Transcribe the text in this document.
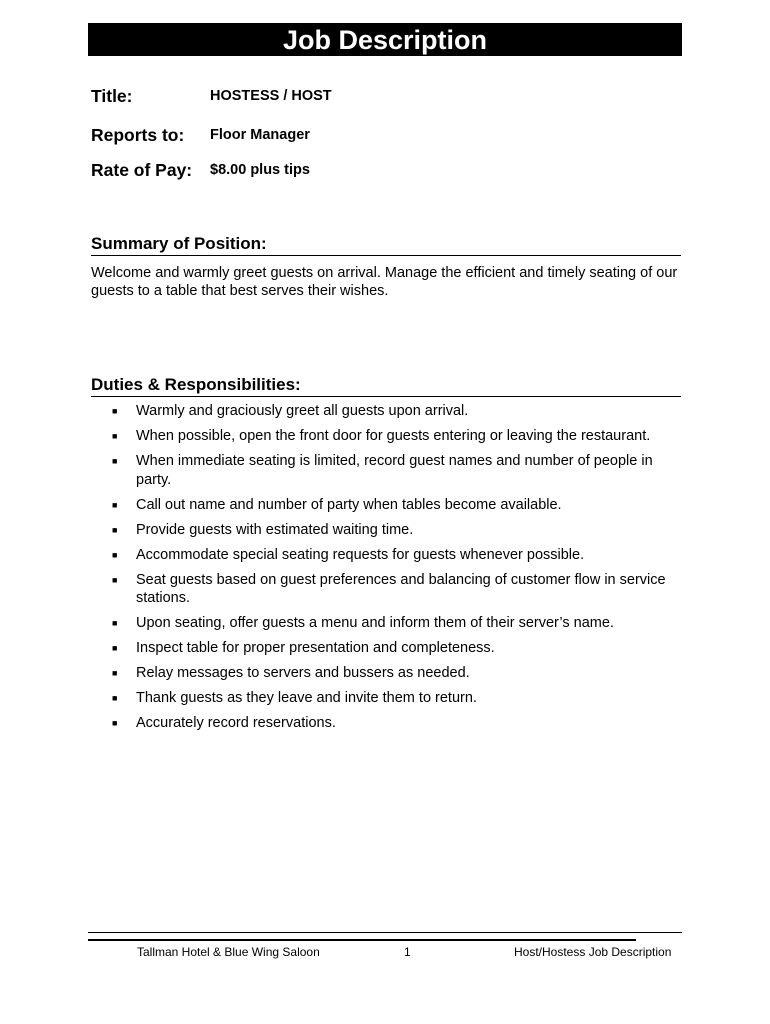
Job Description
Title:	HOSTESS / HOST
Reports to: Floor Manager
Rate of Pay: $8.00 plus tips
Summary of Position:
Welcome and warmly greet guests on arrival. Manage the efficient and timely seating of our guests to a table that best serves their wishes.
Duties & Responsibilities:
■	Warmly and graciously greet all guests upon arrival.
■	When possible, open the front door for guests entering or leaving the restaurant.
■	When immediate seating is limited, record guest names and number of people in party.
■	Call out name and number of party when tables become available.
■	Provide guests with estimated waiting time.
■	Accommodate special seating requests for guests whenever possible.
■	Seat guests based on guest preferences and balancing of customer flow in service stations.
■	Upon seating, offer guests a menu and inform them of their server’s name.
■	Inspect table for proper presentation and completeness.
■	Relay messages to servers and bussers as needed.
■	Thank guests as they leave and invite them to return.
■	Accurately record reservations.
Tallman Hotel & Blue Wing Saloon	1	Host/Hostess Job Description
